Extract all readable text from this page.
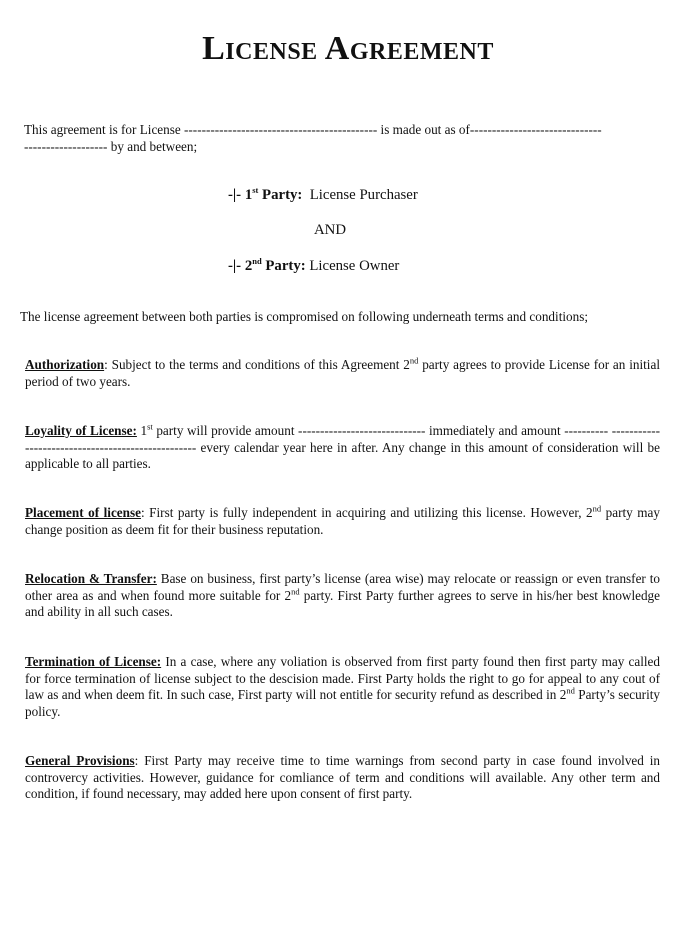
License Agreement
This agreement is for License -------------------------------------------- is made out as of------------------------------
------------------- by and between;
-|- 1st Party: License Purchaser
AND
-|- 2nd Party: License Owner
The license agreement between both parties is compromised on following underneath terms and conditions;
Authorization: Subject to the terms and conditions of this Agreement 2nd party agrees to provide License for an initial period of two years.
Loyality of License: 1st party will provide amount ----------------------------- immediately and amount ---------- -------------------------------------------------- every calendar year here in after. Any change in this amount of consideration will be applicable to all parties.
Placement of license: First party is fully independent in acquiring and utilizing this license. However, 2nd party may change position as deem fit for their business reputation.
Relocation & Transfer: Base on business, first party’s license (area wise) may relocate or reassign or even transfer to other area as and when found more suitable for 2nd party. First Party further agrees to serve in his/her best knowledge and ability in all such cases.
Termination of License: In a case, where any voliation is observed from first party found then first party may called for force termination of license subject to the descision made. First Party holds the right to go for appeal to any cout of law as and when deem fit. In such case, First party will not entitle for security refund as described in 2nd Party’s security policy.
General Provisions: First Party may receive time to time warnings from second party in case found involved in controvercy activities. However, guidance for comliance of term and conditions will available. Any other term and condition, if found necessary, may added here upon consent of first party.
